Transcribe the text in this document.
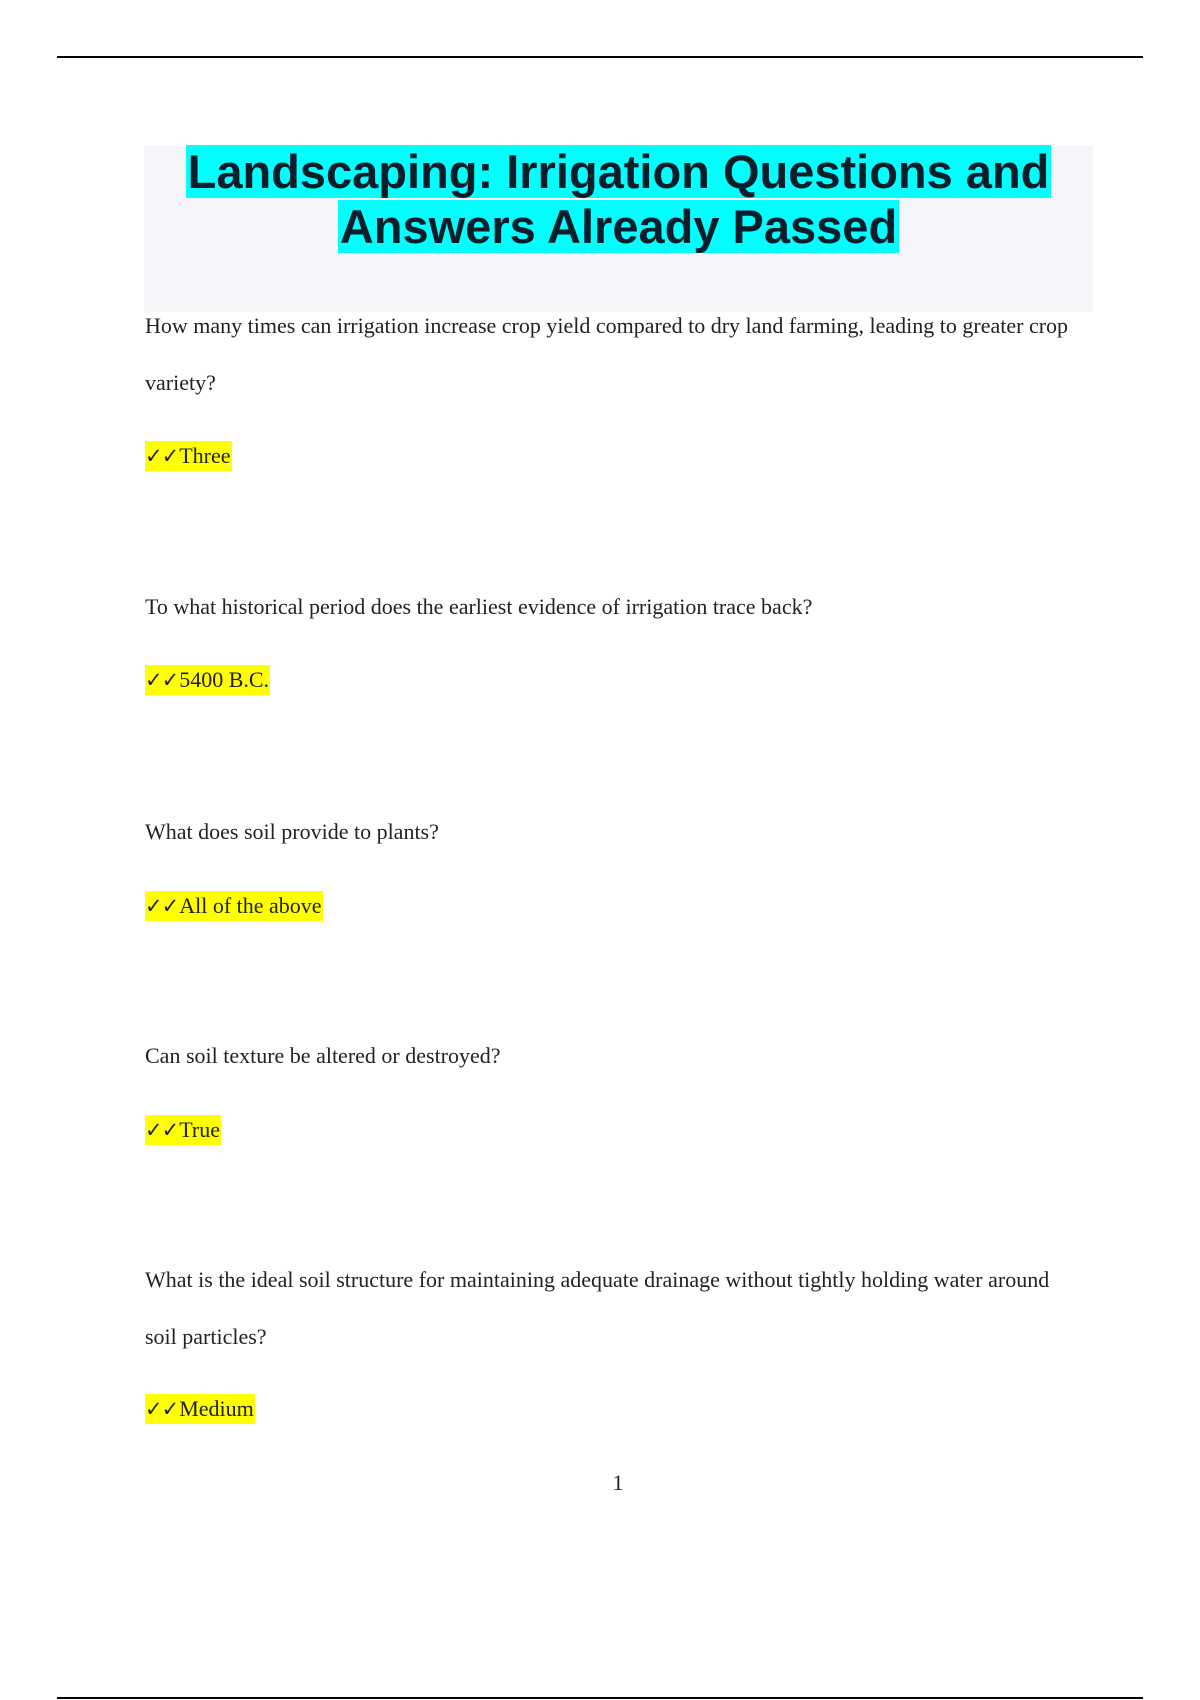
Landscaping: Irrigation Questions and
Answers Already Passed

How many times can irrigation increase crop yield compared to dry land farming, leading to greater crop variety?

✓✓Three

To what historical period does the earliest evidence of irrigation trace back?

✓✓5400 B.C.

What does soil provide to plants?

✓✓All of the above

Can soil texture be altered or destroyed?

✓✓True

What is the ideal soil structure for maintaining adequate drainage without tightly holding water around soil particles?

✓✓Medium

1
